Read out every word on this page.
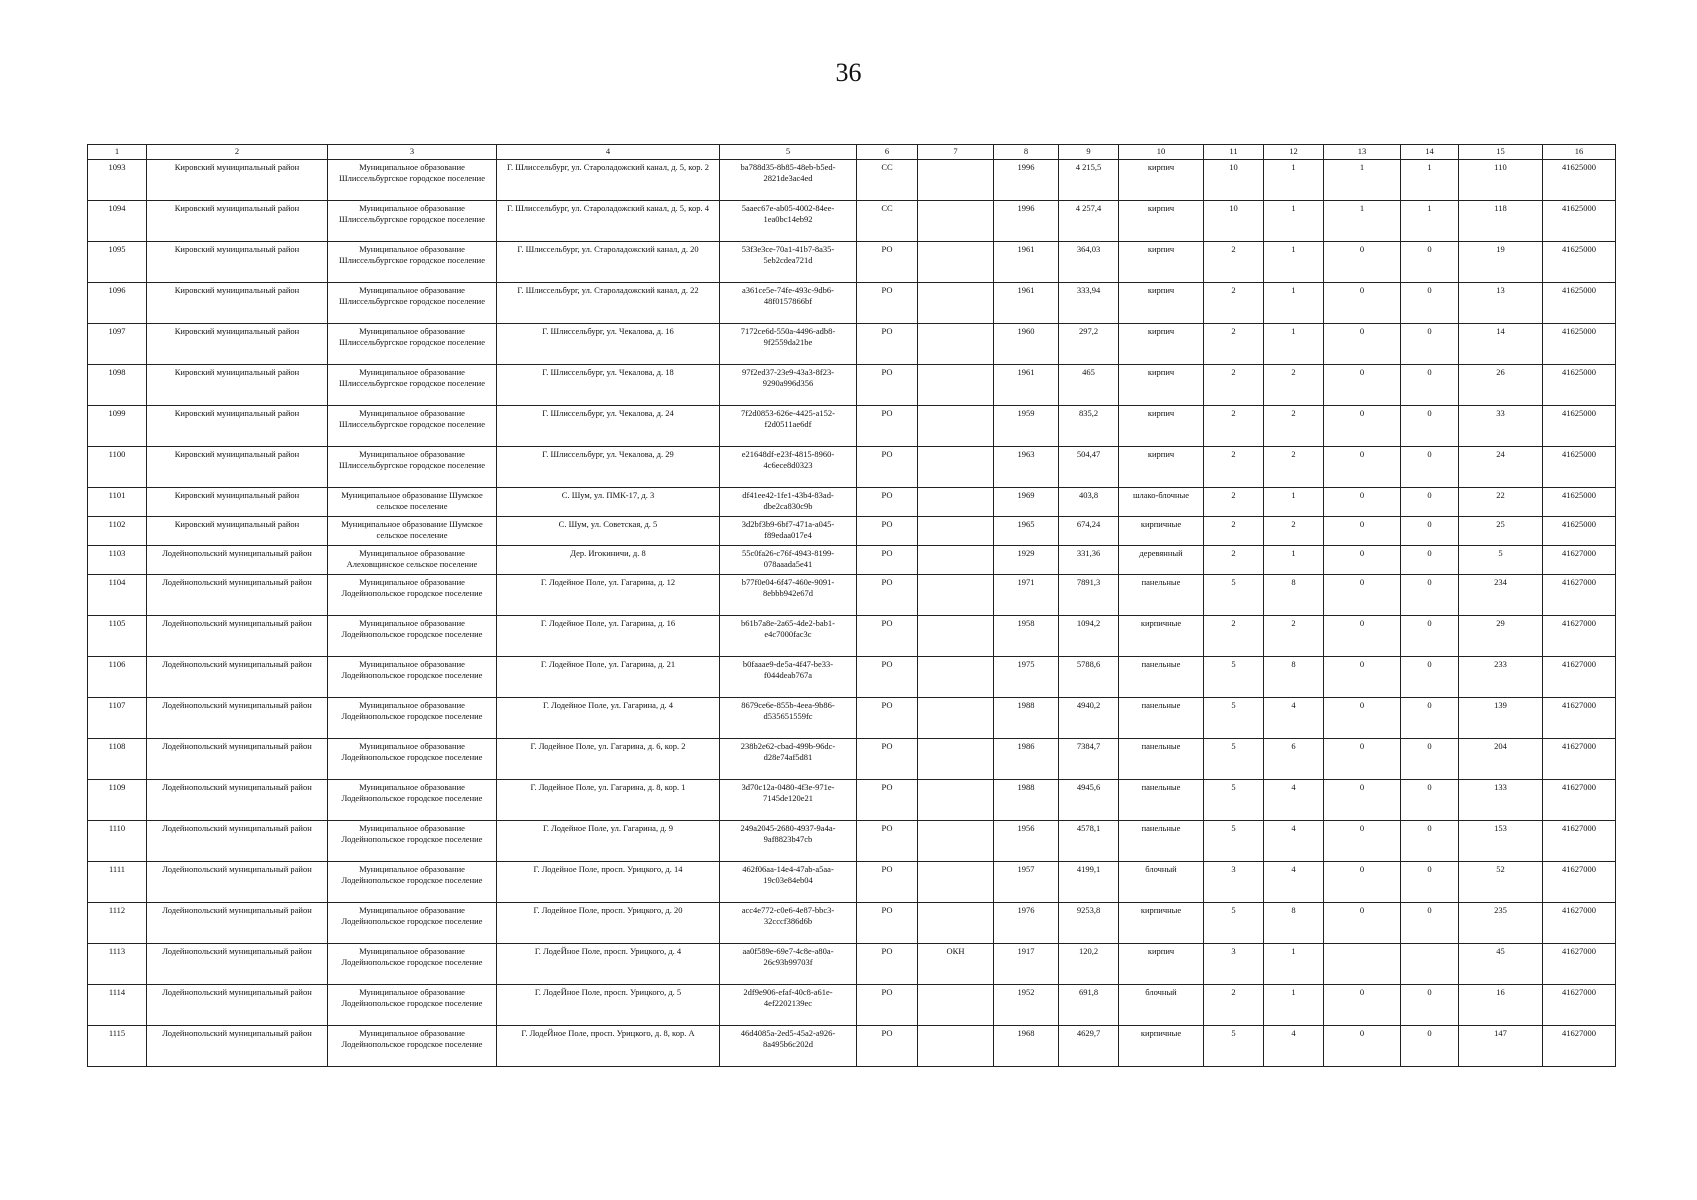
36
1	2	3	4	5	6	7	8	9	10	11	12	13	14	15	16
1093	Кировский муниципальный район	Муниципальное образование Шлиссельбургское городское поселение	Г. Шлиссельбург, ул. Староладожский канал, д. 5, кор. 2	ba788d35-8b85-48eb-b5ed-2821de3ac4ed	СС		1996	4 215,5	кирпич	10	1	1	1	110	41625000
1094	Кировский муниципальный район	Муниципальное образование Шлиссельбургское городское поселение	Г. Шлиссельбург, ул. Староладожский канал, д. 5, кор. 4	5aaec67e-ab05-4002-84ee-1ea0bc14eb92	СС		1996	4 257,4	кирпич	10	1	1	1	118	41625000
1095	Кировский муниципальный район	Муниципальное образование Шлиссельбургское городское поселение	Г. Шлиссельбург, ул. Староладожский канал, д. 20	53f3e3ce-70a1-41b7-8a35-5eb2cdea721d	РО		1961	364,03	кирпич	2	1	0	0	19	41625000
1096	Кировский муниципальный район	Муниципальное образование Шлиссельбургское городское поселение	Г. Шлиссельбург, ул. Староладожский канал, д. 22	a361ce5e-74fe-493c-9db6-48f0157866bf	РО		1961	333,94	кирпич	2	1	0	0	13	41625000
1097	Кировский муниципальный район	Муниципальное образование Шлиссельбургское городское поселение	Г. Шлиссельбург, ул. Чекалова, д. 16	7172ce6d-550a-4496-adb8-9f2559da21be	РО		1960	297,2	кирпич	2	1	0	0	14	41625000
1098	Кировский муниципальный район	Муниципальное образование Шлиссельбургское городское поселение	Г. Шлиссельбург, ул. Чекалова, д. 18	97f2ed37-23e9-43a3-8f23-9290a996d356	РО		1961	465	кирпич	2	2	0	0	26	41625000
1099	Кировский муниципальный район	Муниципальное образование Шлиссельбургское городское поселение	Г. Шлиссельбург, ул. Чекалова, д. 24	7f2d0853-626e-4425-a152-f2d0511ae6df	РО		1959	835,2	кирпич	2	2	0	0	33	41625000
1100	Кировский муниципальный район	Муниципальное образование Шлиссельбургское городское поселение	Г. Шлиссельбург, ул. Чекалова, д. 29	e21648df-e23f-4815-8960-4c6ece8d0323	РО		1963	504,47	кирпич	2	2	0	0	24	41625000
1101	Кировский муниципальный район	Муниципальное образование Шумское сельское поселение	С. Шум, ул. ПМК-17, д. 3	df41ee42-1fe1-43b4-83ad-dbe2ca830c9b	РО		1969	403,8	шлако-блочные	2	1	0	0	22	41625000
1102	Кировский муниципальный район	Муниципальное образование Шумское сельское поселение	С. Шум, ул. Советская, д. 5	3d2bf3b9-6bf7-471a-a045-f89edaa017e4	РО		1965	674,24	кирпичные	2	2	0	0	25	41625000
1103	Лодейнопольский муниципальный район	Муниципальное образование Алеховщинское сельское поселение	Дер. Игокиничи, д. 8	55c0fa26-c76f-4943-8199-078aaada5e41	РО		1929	331,36	деревянный	2	1	0	0	5	41627000
1104	Лодейнопольский муниципальный район	Муниципальное образование Лодейнопольское городское поселение	Г. Лодейное Поле, ул. Гагарина, д. 12	b77f0e04-6f47-460e-9091-8ebbb942e67d	РО		1971	7891,3	панельные	5	8	0	0	234	41627000
1105	Лодейнопольский муниципальный район	Муниципальное образование Лодейнопольское городское поселение	Г. Лодейное Поле, ул. Гагарина, д. 16	b61b7a8e-2a65-4de2-bab1-e4c7000fac3c	РО		1958	1094,2	кирпичные	2	2	0	0	29	41627000
1106	Лодейнопольский муниципальный район	Муниципальное образование Лодейнопольское городское поселение	Г. Лодейное Поле, ул. Гагарина, д. 21	b0faaae9-de5a-4f47-be33-f044deab767a	РО		1975	5788,6	панельные	5	8	0	0	233	41627000
1107	Лодейнопольский муниципальный район	Муниципальное образование Лодейнопольское городское поселение	Г. Лодейное Поле, ул. Гагарина, д. 4	8679ce6e-855b-4eea-9b86-d535651559fc	РО		1988	4940,2	панельные	5	4	0	0	139	41627000
1108	Лодейнопольский муниципальный район	Муниципальное образование Лодейнопольское городское поселение	Г. Лодейное Поле, ул. Гагарина, д. 6, кор. 2	238b2e62-cbad-499b-96dc-d28e74af5d81	РО		1986	7384,7	панельные	5	6	0	0	204	41627000
1109	Лодейнопольский муниципальный район	Муниципальное образование Лодейнопольское городское поселение	Г. Лодейное Поле, ул. Гагарина, д. 8, кор. 1	3d70c12a-0480-4f3e-971e-7145de120e21	РО		1988	4945,6	панельные	5	4	0	0	133	41627000
1110	Лодейнопольский муниципальный район	Муниципальное образование Лодейнопольское городское поселение	Г. Лодейное Поле, ул. Гагарина, д. 9	249a2045-2680-4937-9a4a-9af8823b47cb	РО		1956	4578,1	панельные	5	4	0	0	153	41627000
1111	Лодейнопольский муниципальный район	Муниципальное образование Лодейнопольское городское поселение	Г. Лодейное Поле, просп. Урицкого, д. 14	462f06aa-14e4-47ab-a5aa-19c03e84eb04	РО		1957	4199,1	блочный	3	4	0	0	52	41627000
1112	Лодейнопольский муниципальный район	Муниципальное образование Лодейнопольское городское поселение	Г. Лодейное Поле, просп. Урицкого, д. 20	acc4e772-c0e6-4e87-bbc3-32cccf386d6b	РО		1976	9253,8	кирпичные	5	8	0	0	235	41627000
1113	Лодейнопольский муниципальный район	Муниципальное образование Лодейнопольское городское поселение	Г. ЛодеЙное Поле, просп. Урицкого, д. 4	aa0f589e-69e7-4c8e-a80a-26c93b99703f	РО	ОКН	1917	120,2	кирпич	3	1			45	41627000
1114	Лодейнопольский муниципальный район	Муниципальное образование Лодейнопольское городское поселение	Г. ЛодеЙное Поле, просп. Урицкого, д. 5	2df9e906-efaf-40c8-a61e-4ef2202139ec	РО		1952	691,8	блочный	2	1	0	0	16	41627000
1115	Лодейнопольский муниципальный район	Муниципальное образование Лодейнопольское городское поселение	Г. ЛодеЙное Поле, просп. Урицкого, д. 8, кор. А	46d4085a-2ed5-45a2-a926-8a495b6c202d	РО		1968	4629,7	кирпичные	5	4	0	0	147	41627000
